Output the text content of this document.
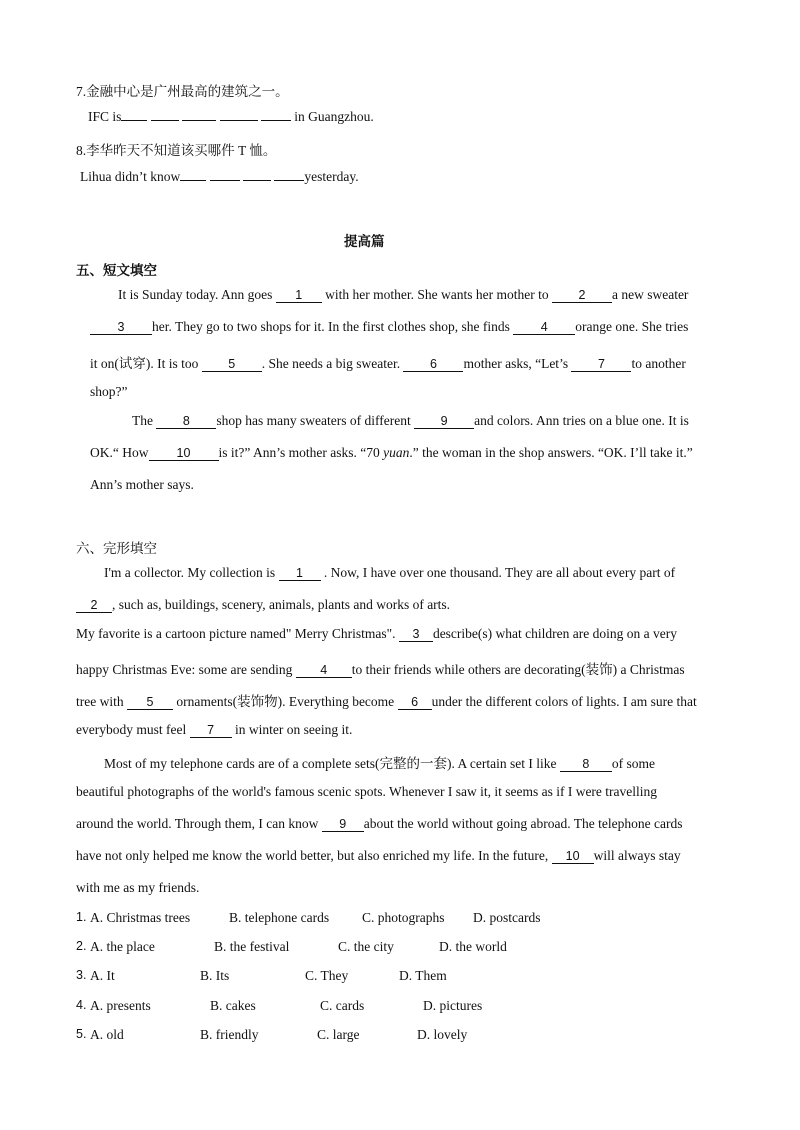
7.金融中心是广州最高的建筑之一。
IFC is	in Guangzhou.
8.李华昨天不知道该买哪件 T 恤。
Lihua didn’t know	yesterday.
提高篇
五、短文填空
It is Sunday today. Ann goes 1 with her mother. She wants her mother to 2 a new sweater
3 her. They go to two shops for it. In the first clothes shop, she finds 4 orange one. She tries
it on(试穿). It is too 5 . She needs a big sweater. 6 mother asks, “Let’s 7 to another
shop?”
The 8 shop has many sweaters of different 9 and colors. Ann tries on a blue one. It is
OK.“ How 10 is it?” Ann’s mother asks. “70 yuan.” the woman in the shop answers. “OK. I’ll take it.”
Ann’s mother says.
六、完形填空
I'm a collector. My collection is 1 . Now, I have over one thousand. They are all about every part of
2 , such as, buildings, scenery, animals, plants and works of arts.
My favorite is a cartoon picture named" Merry Christmas". 3 describe(s) what children are doing on a very
happy Christmas Eve: some are sending 4 to their friends while others are decorating(装饰) a Christmas
tree with 5 ornaments(装饰物). Everything become 6 under the different colors of lights. I am sure that
everybody must feel 7 in winter on seeing it.
Most of my telephone cards are of a complete sets(完整的一套). A certain set I like 8 of some
beautiful photographs of the world's famous scenic spots. Whenever I saw it, it seems as if I were travelling
around the world. Through them, I can know 9 about the world without going abroad. The telephone cards
have not only helped me know the world better, but also enriched my life. In the future, 10 will always stay
with me as my friends.
1. A. Christmas trees	B. telephone cards C. photographs D. postcards
2. A. the place	B. the festival	C. the city	D. the world
3. A. It	B. Its	C. They	D. Them
4. A. presents	B. cakes	C. cards	D. pictures
5. A. old	B. friendly	C. large	D. lovely
